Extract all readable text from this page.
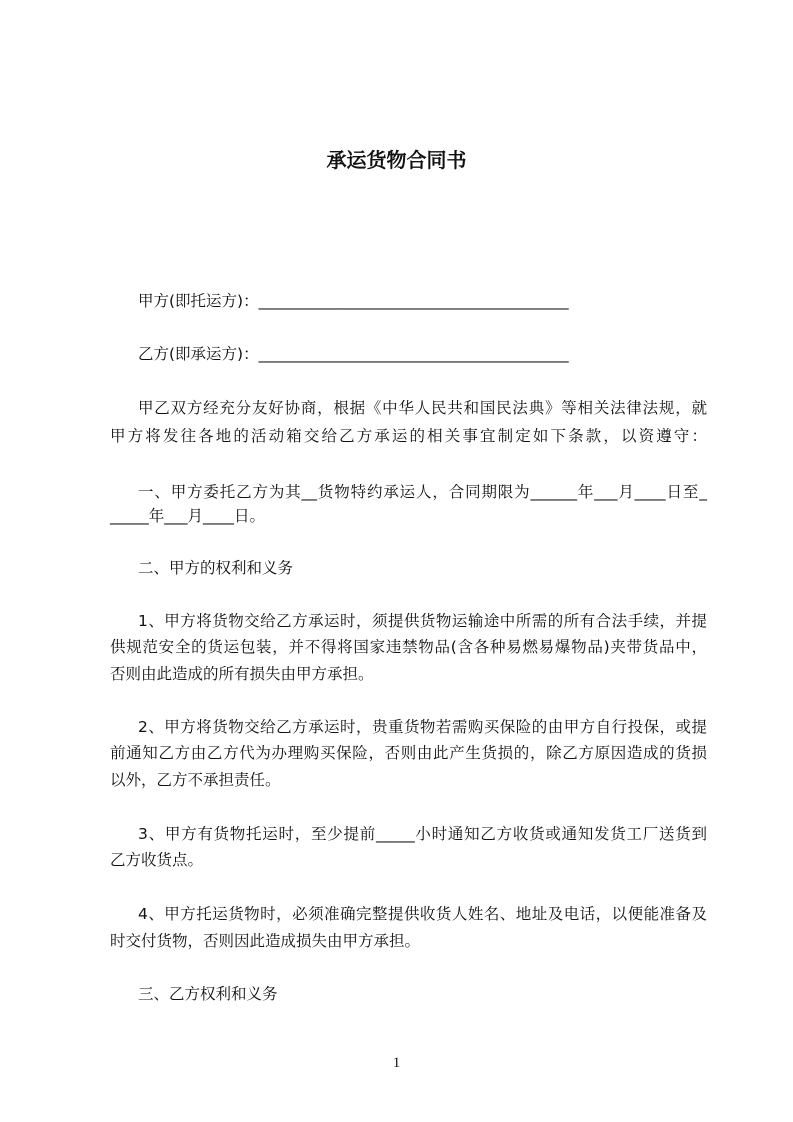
承运货物合同书
甲方(即托运方)：________________________________________
乙方(即承运方)：________________________________________
甲乙双方经充分友好协商，根据《中华人民共和国民法典》等相关法律法规，就
甲方将发往各地的活动箱交给乙方承运的相关事宜制定如下条款，以资遵守：
一、甲方委托乙方为其__货物特约承运人，合同期限为______年___月____日至_
_____年___月____日。
二、甲方的权利和义务
1、甲方将货物交给乙方承运时，须提供货物运输途中所需的所有合法手续，并提
供规范安全的货运包装，并不得将国家违禁物品(含各种易燃易爆物品)夹带货品中，
否则由此造成的所有损失由甲方承担。
2、甲方将货物交给乙方承运时，贵重货物若需购买保险的由甲方自行投保，或提
前通知乙方由乙方代为办理购买保险，否则由此产生货损的，除乙方原因造成的货损
以外，乙方不承担责任。
3、甲方有货物托运时，至少提前_____小时通知乙方收货或通知发货工厂送货到
乙方收货点。
4、甲方托运货物时，必须准确完整提供收货人姓名、地址及电话，以便能准备及
时交付货物，否则因此造成损失由甲方承担。
三、乙方权利和义务
1
